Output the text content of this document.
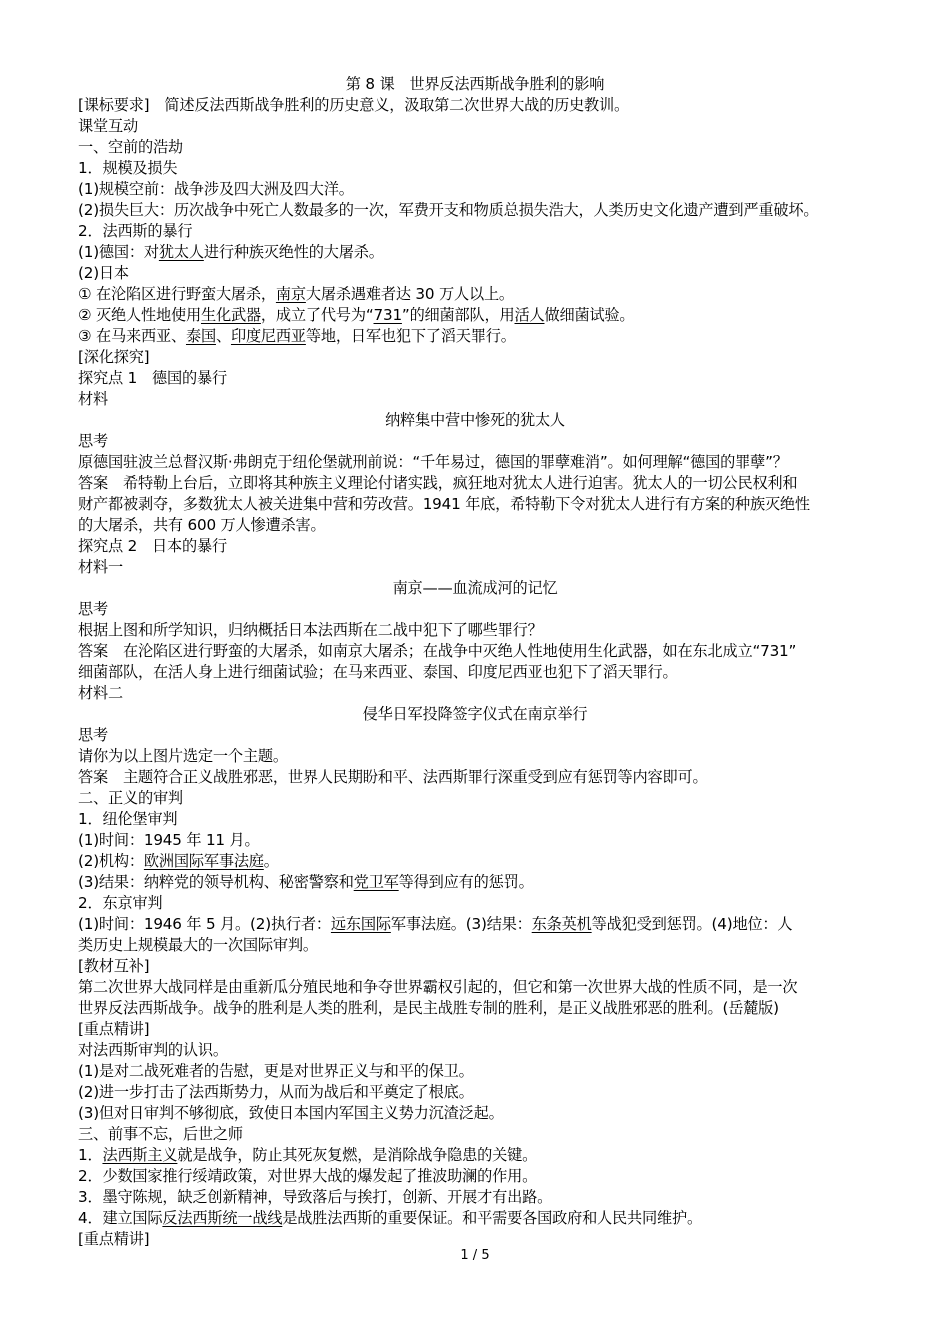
第 8 课　世界反法西斯战争胜利的影响
[课标要求]　简述反法西斯战争胜利的历史意义，汲取第二次世界大战的历史教训。
课堂互动
一、空前的浩劫
1．规模及损失
(1)规模空前：战争涉及四大洲及四大洋。
(2)损失巨大：历次战争中死亡人数最多的一次，军费开支和物质总损失浩大，人类历史文化遗产遭到严重破坏。
2．法西斯的暴行
(1)德国：对犹太人进行种族灭绝性的大屠杀。
(2)日本
① 在沦陷区进行野蛮大屠杀，南京大屠杀遇难者达 30 万人以上。
② 灭绝人性地使用生化武器，成立了代号为“731”的细菌部队，用活人做细菌试验。
③ 在马来西亚、泰国、印度尼西亚等地，日军也犯下了滔天罪行。
[深化探究]
探究点 1　德国的暴行
材料
纳粹集中营中惨死的犹太人
思考
原德国驻波兰总督汉斯·弗朗克于纽伦堡就刑前说：“千年易过，德国的罪孽难消”。如何理解“德国的罪孽”？
答案　希特勒上台后，立即将其种族主义理论付诸实践，疯狂地对犹太人进行迫害。犹太人的一切公民权利和
财产都被剥夺，多数犹太人被关进集中营和劳改营。1941 年底，希特勒下令对犹太人进行有方案的种族灭绝性
的大屠杀，共有 600 万人惨遭杀害。
探究点 2　日本的暴行
材料一
南京——血流成河的记忆
思考
根据上图和所学知识，归纳概括日本法西斯在二战中犯下了哪些罪行？
答案　在沦陷区进行野蛮的大屠杀，如南京大屠杀；在战争中灭绝人性地使用生化武器，如在东北成立“731”
细菌部队，在活人身上进行细菌试验；在马来西亚、泰国、印度尼西亚也犯下了滔天罪行。
材料二
侵华日军投降签字仪式在南京举行
思考
请你为以上图片选定一个主题。
答案　主题符合正义战胜邪恶，世界人民期盼和平、法西斯罪行深重受到应有惩罚等内容即可。
二、正义的审判
1．纽伦堡审判
(1)时间：1945 年 11 月。
(2)机构：欧洲国际军事法庭。
(3)结果：纳粹党的领导机构、秘密警察和党卫军等得到应有的惩罚。
2．东京审判
(1)时间：1946 年 5 月。(2)执行者：远东国际军事法庭。(3)结果：东条英机等战犯受到惩罚。(4)地位：人
类历史上规模最大的一次国际审判。
[教材互补]
第二次世界大战同样是由重新瓜分殖民地和争夺世界霸权引起的，但它和第一次世界大战的性质不同，是一次
世界反法西斯战争。战争的胜利是人类的胜利，是民主战胜专制的胜利，是正义战胜邪恶的胜利。(岳麓版)
[重点精讲]
对法西斯审判的认识。
(1)是对二战死难者的告慰，更是对世界正义与和平的保卫。
(2)进一步打击了法西斯势力，从而为战后和平奠定了根底。
(3)但对日审判不够彻底，致使日本国内军国主义势力沉渣泛起。
三、前事不忘，后世之师
1．法西斯主义就是战争，防止其死灰复燃，是消除战争隐患的关键。
2．少数国家推行绥靖政策，对世界大战的爆发起了推波助澜的作用。
3．墨守陈规，缺乏创新精神，导致落后与挨打，创新、开展才有出路。
4．建立国际反法西斯统一战线是战胜法西斯的重要保证。和平需要各国政府和人民共同维护。
[重点精讲]
1 / 5
